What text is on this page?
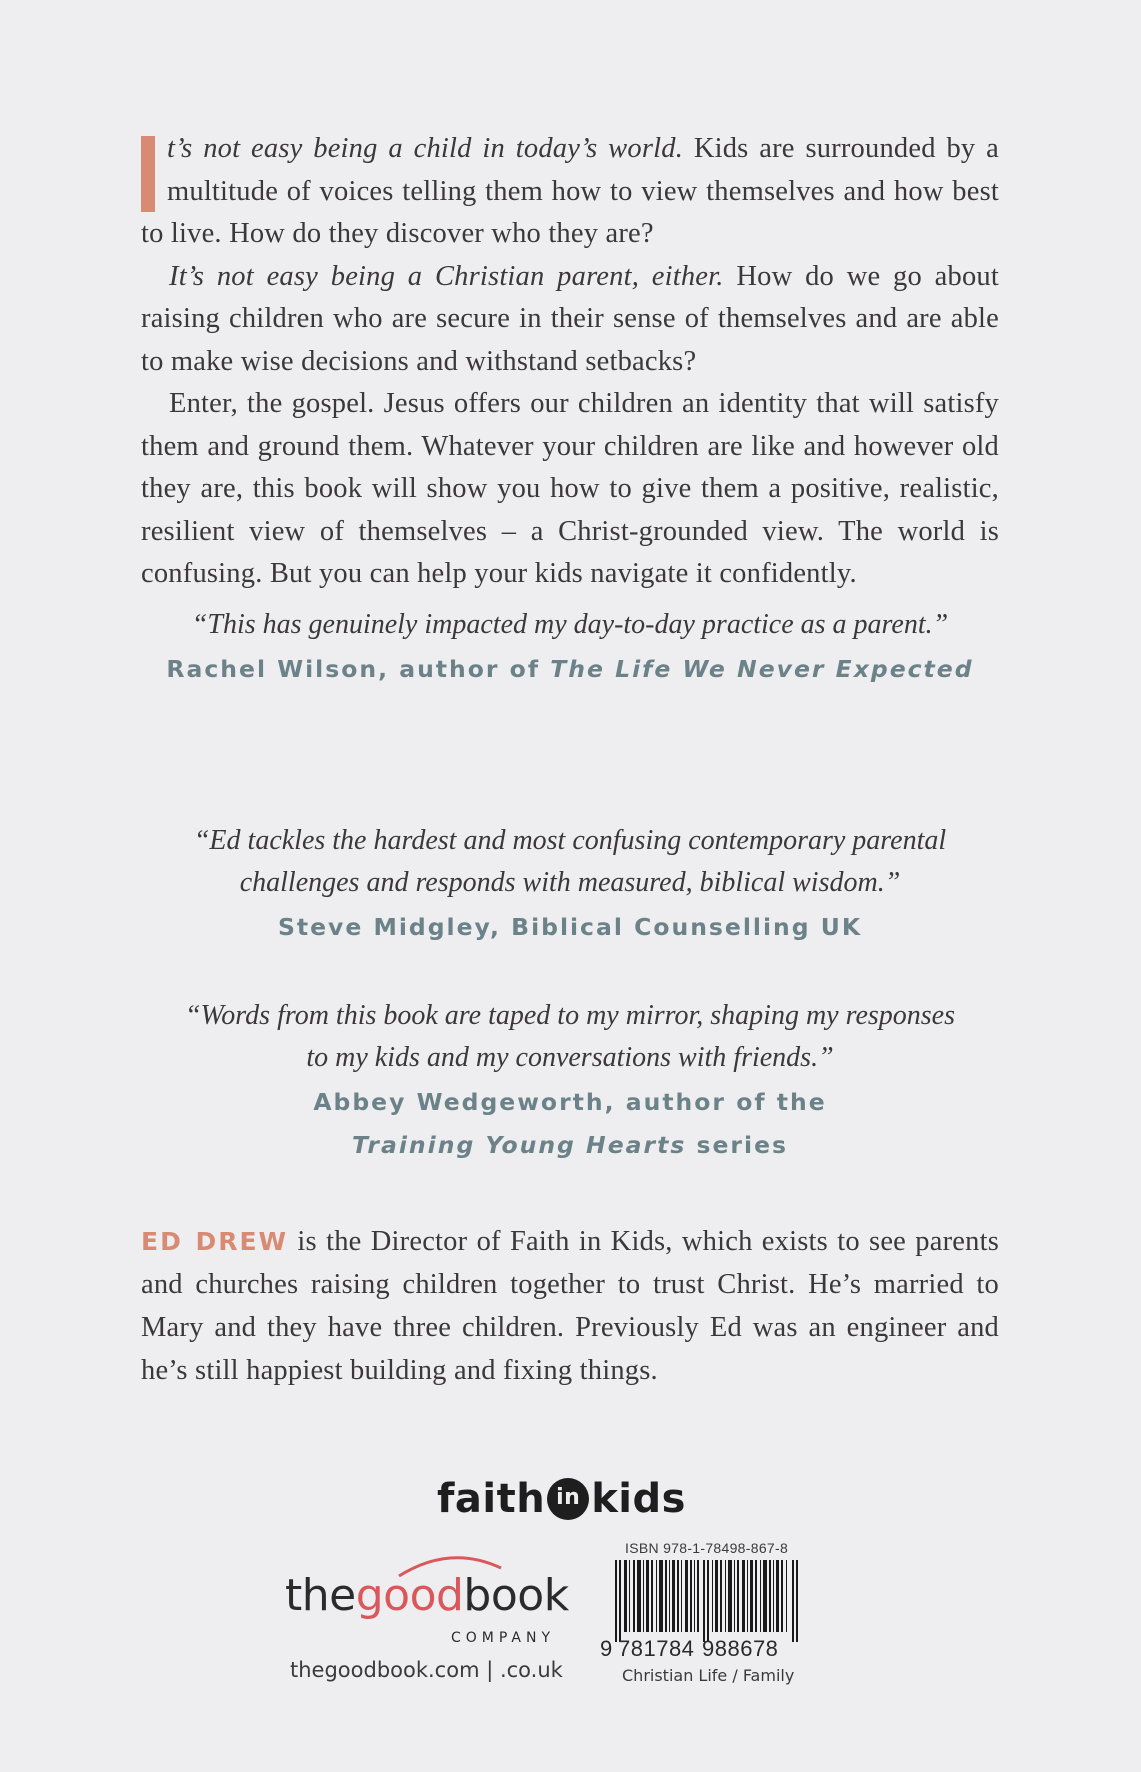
t’s not easy being a child in today’s world. Kids are surrounded by a multitude of voices telling them how to view themselves and how best to live. How do they discover who they are?

It’s not easy being a Christian parent, either. How do we go about raising children who are secure in their sense of themselves and are able to make wise decisions and withstand setbacks?

Enter, the gospel. Jesus offers our children an identity that will satisfy them and ground them. Whatever your children are like and however old they are, this book will show you how to give them a positive, realistic, resilient view of themselves – a Christ-grounded view. The world is confusing. But you can help your kids navigate it confidently.

“This has genuinely impacted my day-to-day practice as a parent.”

Rachel Wilson, author of The Life We Never Expected

“Ed tackles the hardest and most confusing contemporary parental

challenges and responds with measured, biblical wisdom.”

Steve Midgley, Biblical Counselling UK

“Words from this book are taped to my mirror, shaping my responses

to my kids and my conversations with friends.”

Abbey Wedgeworth, author of the

Training Young Hearts series

ED DREW is the Director of Faith in Kids, which exists to see parents and churches raising children together to trust Christ. He’s married to Mary and they have three children. Previously Ed was an engineer and he’s still happiest building and fixing things.
faith in kids
thegoodbook
COMPANY
thegoodbook.com | .co.uk
ISBN 978-1-78498-867-8
9 781784 988678
Christian Life / Family
